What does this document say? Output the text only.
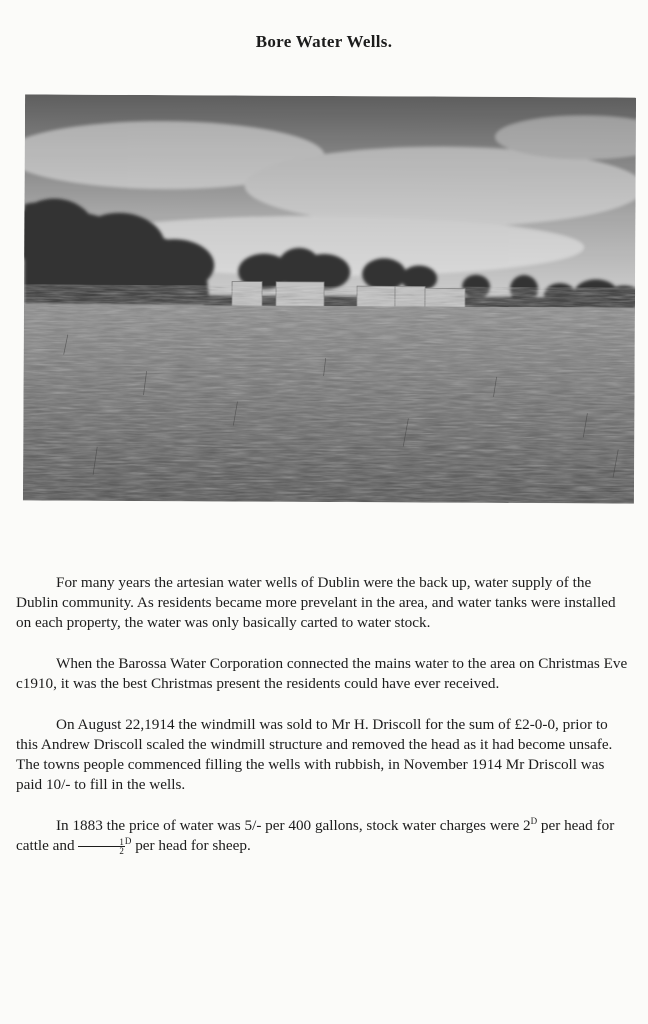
Bore Water Wells.

For many years the artesian water wells of Dublin were the back up, water supply of the Dublin community. As residents became more prevelant in the area, and water tanks were installed on each property, the water was only basically carted to water stock.

When the Barossa Water Corporation connected the mains water to the area on Christmas Eve c1910, it was the best Christmas present the residents could have ever received.

On August 22,1914 the windmill was sold to Mr H. Driscoll for the sum of £2-0-0, prior to this Andrew Driscoll scaled the windmill structure and removed the head as it had become unsafe. The towns people commenced filling the wells with rubbish, in November 1914 Mr Driscoll was paid 10/- to fill in the wells.

In 1883 the price of water was 5/- per 400 gallons, stock water charges were $2^D$ per head for cattle and $\frac{1}{2} ^D$ per head for sheep.
